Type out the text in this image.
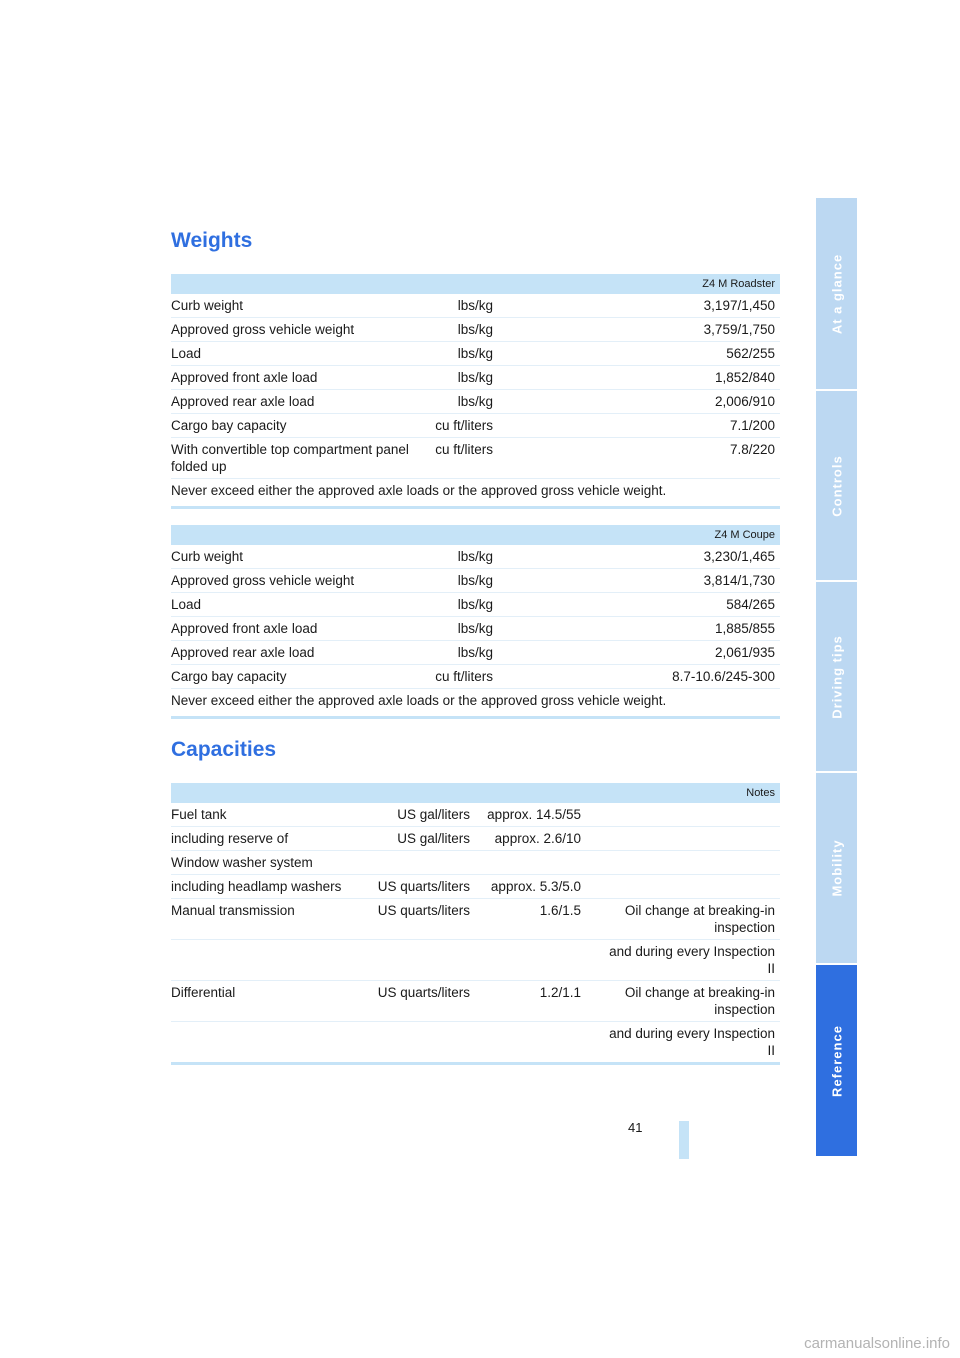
Weights
Z4 M Roadster		
Curb weight	lbs/kg	3,197/1,450
Approved gross vehicle weight	lbs/kg	3,759/1,750
Load	lbs/kg	562/255
Approved front axle load	lbs/kg	1,852/840
Approved rear axle load	lbs/kg	2,006/910
Cargo bay capacity	cu ft/liters	7.1/200
With convertible top compartment panel folded up	cu ft/liters	7.8/220
Never exceed either the approved axle loads or the approved gross vehicle weight.		

Z4 M Coupe		
Curb weight	lbs/kg	3,230/1,465
Approved gross vehicle weight	lbs/kg	3,814/1,730
Load	lbs/kg	584/265
Approved front axle load	lbs/kg	1,885/855
Approved rear axle load	lbs/kg	2,061/935
Cargo bay capacity	cu ft/liters	8.7-10.6/245-300
Never exceed either the approved axle loads or the approved gross vehicle weight.		

Capacities
Notes			
Fuel tank	US gal/liters	approx. 14.5/55	
including reserve of	US gal/liters	approx. 2.6/10	
Window washer system			
including headlamp washers	US quarts/liters	approx. 5.3/5.0	
Manual transmission	US quarts/liters	1.6/1.5	Oil change at breaking-in inspection
			and during every Inspection II
Differential	US quarts/liters	1.2/1.1	Oil change at breaking-in inspection
			and during every Inspection II

At a glance
Controls
Driving tips
Mobility
Reference
41
carmanualsonline.info
